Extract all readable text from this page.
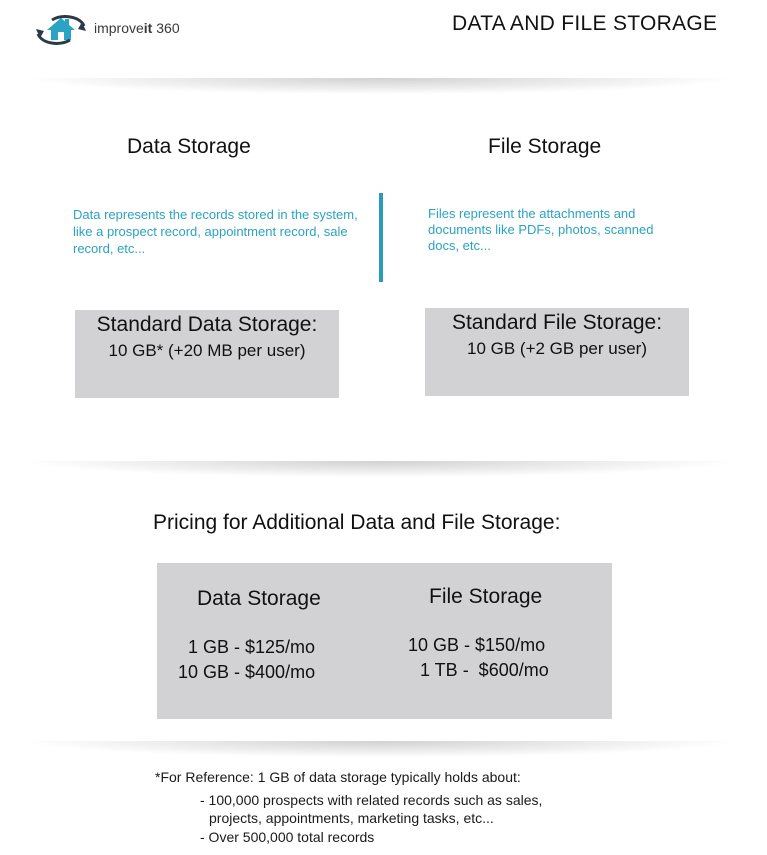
improveit 360	DATA AND FILE STORAGE
Data Storage
Data represents the records stored in the system, like a prospect record, appointment record, sale record, etc...
File Storage
Files represent the attachments and documents like PDFs, photos, scanned docs, etc...
Standard Data Storage:
10 GB* (+20 MB per user)
Standard File Storage:
10 GB (+2 GB per user)
Pricing for Additional Data and File Storage:
Data Storage
1 GB - $125/mo
10 GB - $400/mo
File Storage
10 GB - $150/mo
1 TB -  $600/mo
*For Reference: 1 GB of data storage typically holds about:
- 100,000 prospects with related records such as sales,
projects, appointments, marketing tasks, etc...
- Over 500,000 total records
